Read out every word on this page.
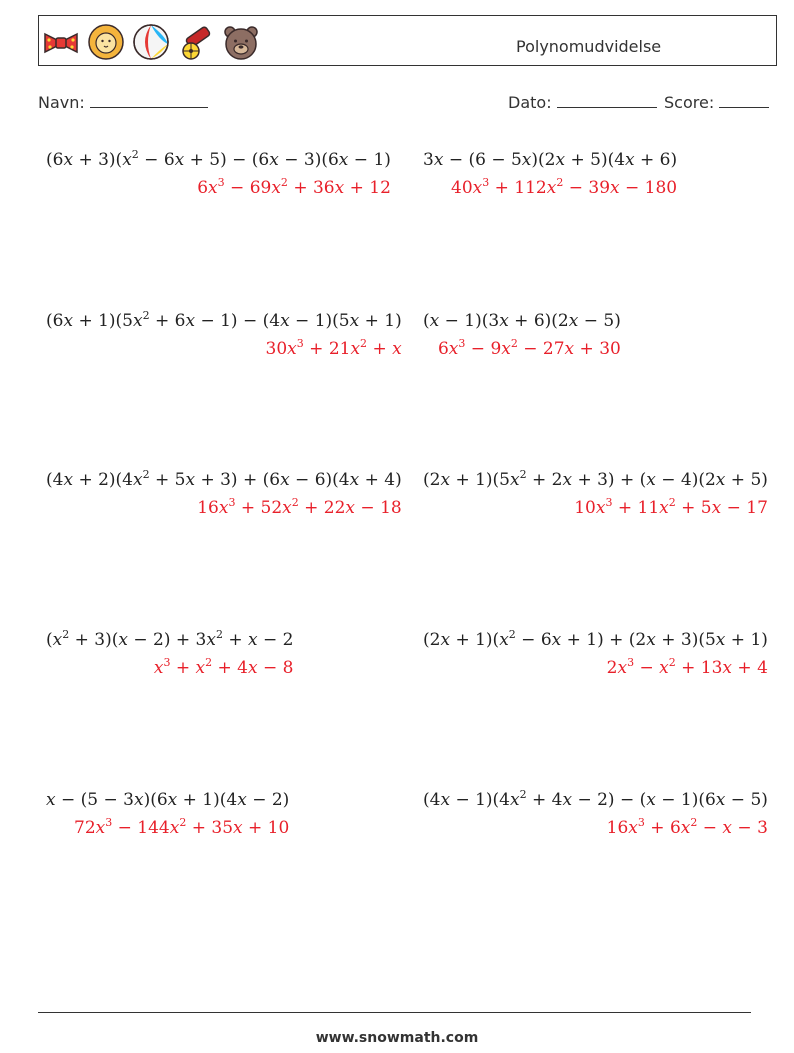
Polynomudvidelse
Navn:	Dato:	Score:
$(6x + 3)(x^2 - 6x + 5) - (6x - 3)(6x - 1)$
$6x^3 - 69x^2 + 36x + 12$
3x − (6 − 5x)(2x + 5)(4x + 6)
$40x^3 + 112x^2 - 39x - 180$
$(6x + 1)(5x^2 + 6x - 1) - (4x - 1)(5x + 1)$
$30x^3 + 21x^2 + x$
(x − 1)(3x + 6)(2x − 5)
$6x^3 - 9x^2 - 27x + 30$
$(4x + 2)(4x^2 + 5x + 3) + (6x - 6)(4x + 4)$
$16x^3 + 52x^2 + 22x - 18$
$(2x + 1)(5x^2 + 2x + 3) + (x - 4)(2x + 5)$
$10x^3 + 11x^2 + 5x - 17$
$(x^2 + 3)(x - 2) + 3x^2 + x - 2$
$x^3 + x^2 + 4x - 8$
$(2x + 1)(x^2 - 6x + 1) + (2x + 3)(5x + 1)$
$2x^3 - x^2 + 13x + 4$
x − (5 − 3x)(6x + 1)(4x − 2)
$72x^3 - 144x^2 + 35x + 10$
$(4x - 1)(4x^2 + 4x - 2) - (x - 1)(6x - 5)$
$16x^3 + 6x^2 - x - 3$
www.snowmath.com
